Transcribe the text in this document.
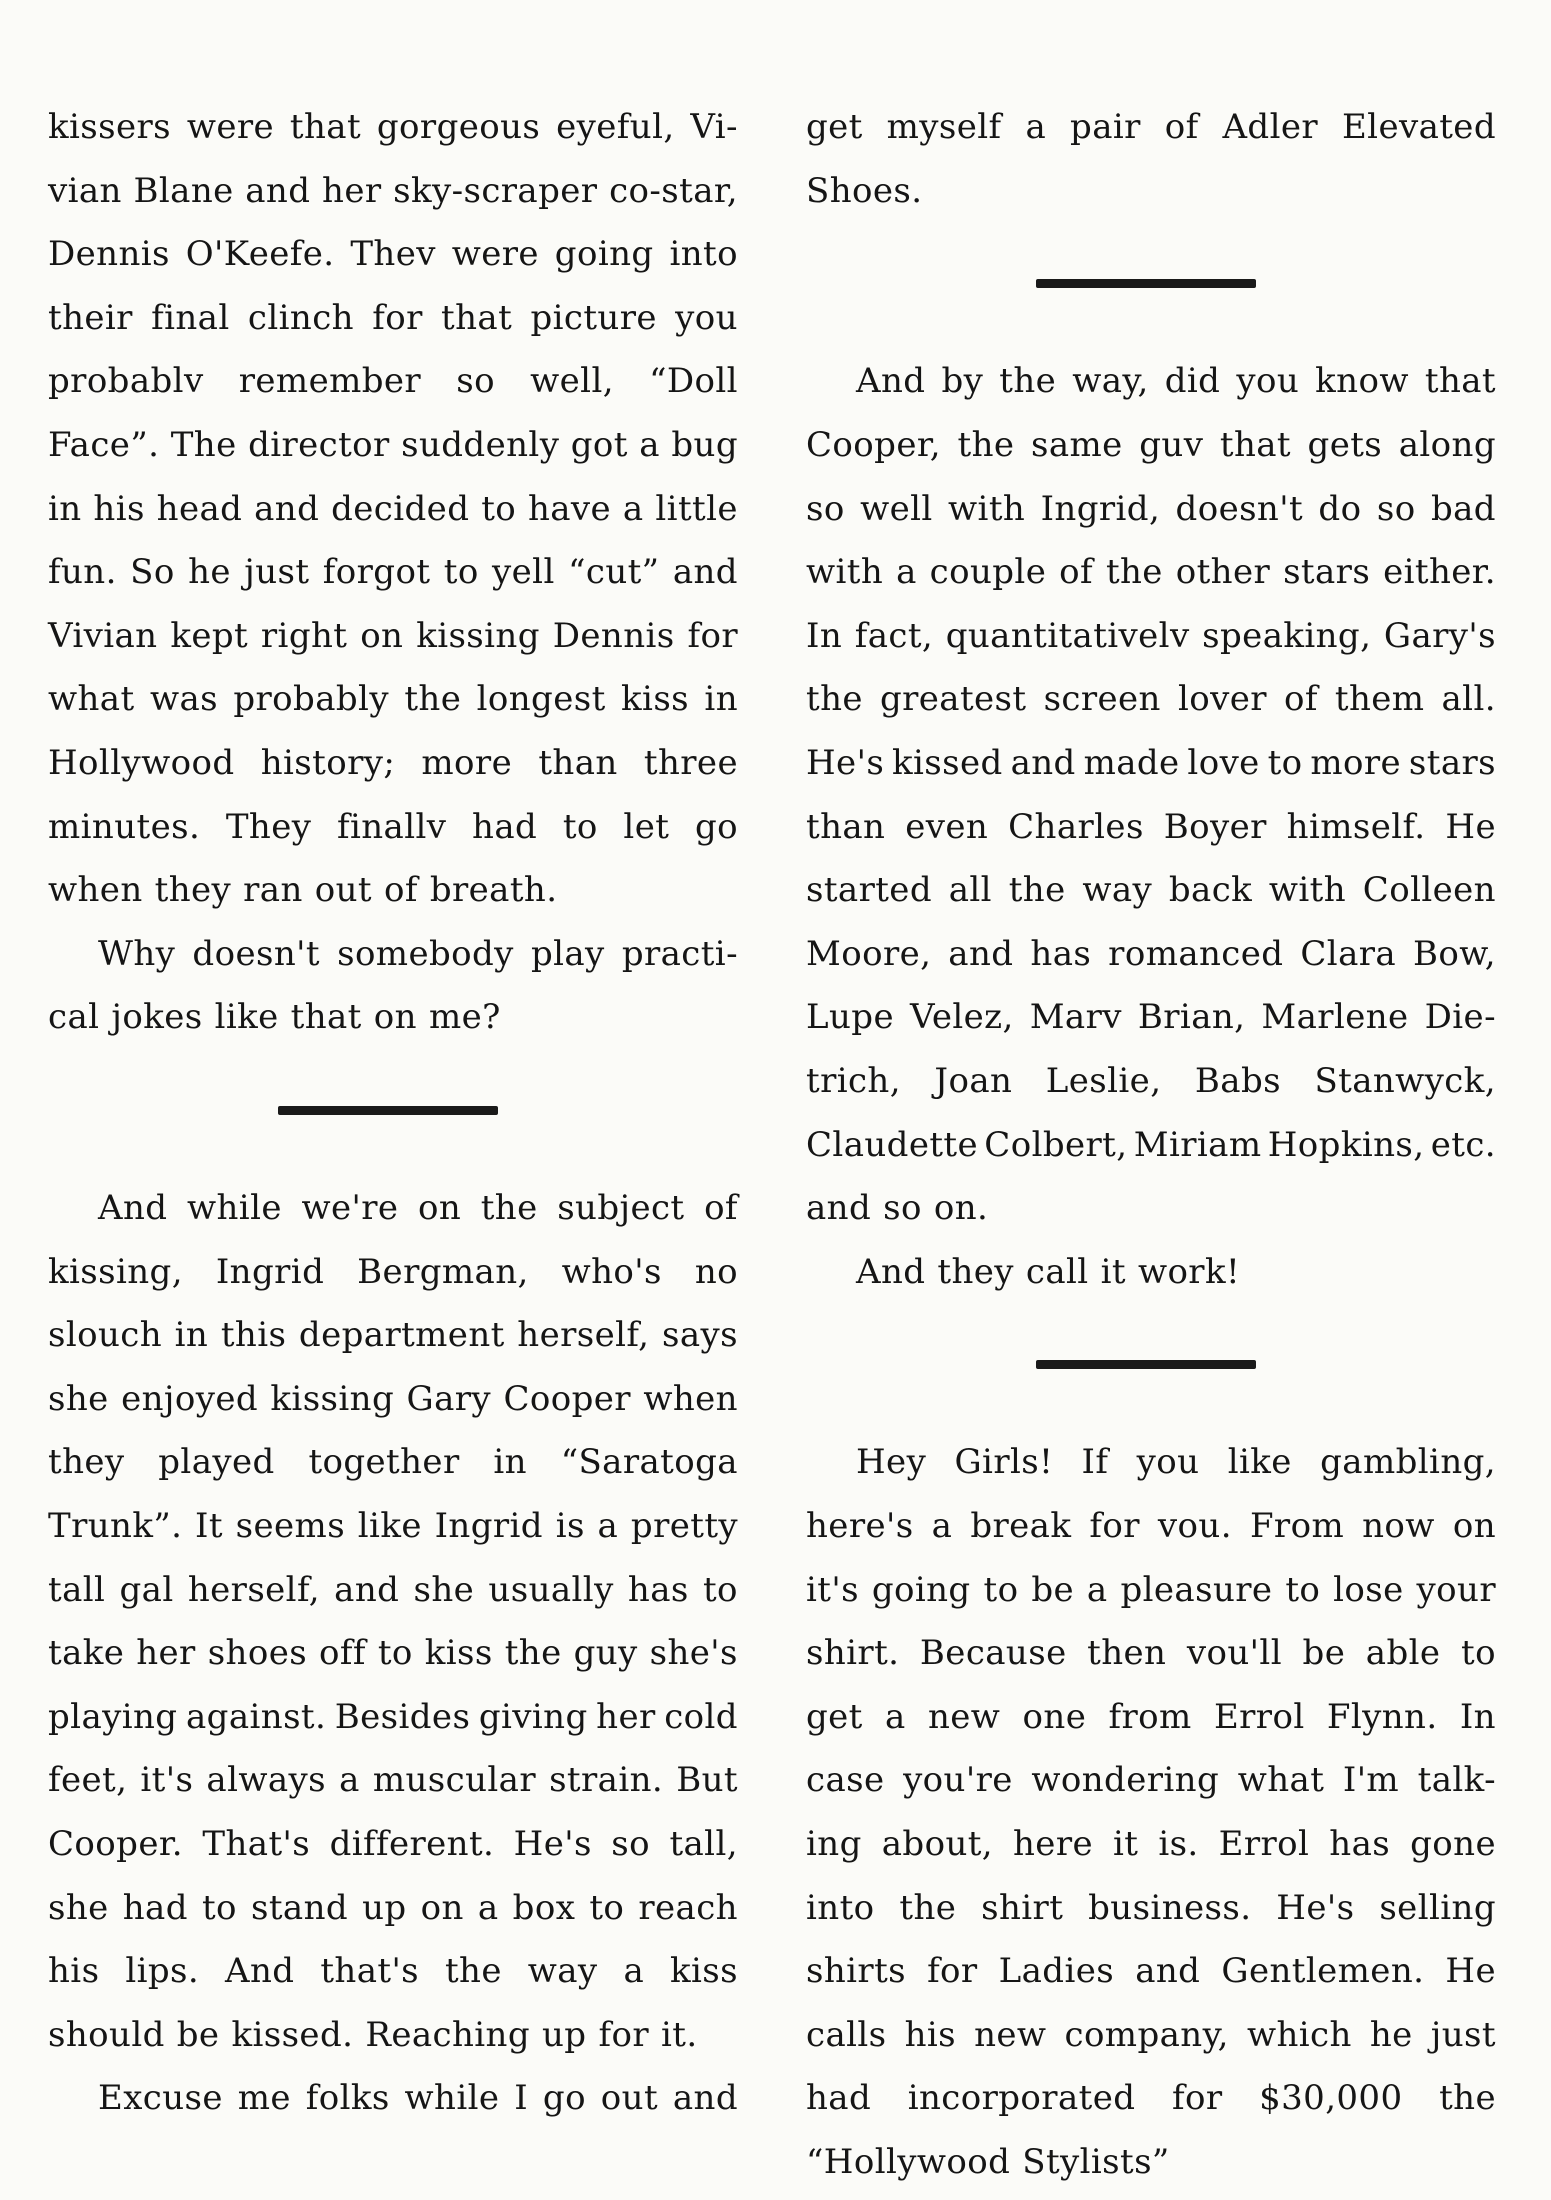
kissers were that gorgeous eyeful, Vi-
vian Blane and her sky-scraper co-star,
Dennis O'Keefe. Thev were going into
their final clinch for that picture you
probablv remember so well, “Doll
Face”. The director suddenly got a bug
in his head and decided to have a little
fun. So he just forgot to yell “cut” and
Vivian kept right on kissing Dennis for
what was probably the longest kiss in
Hollywood history; more than three
minutes. They finallv had to let go
when they ran out of breath.
Why doesn't somebody play practi-
cal jokes like that on me?
And while we're on the subject of
kissing, Ingrid Bergman, who's no
slouch in this department herself, says
she enjoyed kissing Gary Cooper when
they played together in “Saratoga
Trunk”. It seems like Ingrid is a pretty
tall gal herself, and she usually has to
take her shoes off to kiss the guy she's
playing against. Besides giving her cold
feet, it's always a muscular strain. But
Cooper. That's different. He's so tall,
she had to stand up on a box to reach
his lips. And that's the way a kiss
should be kissed. Reaching up for it.
Excuse me folks while I go out and
get myself a pair of Adler Elevated
Shoes.
And by the way, did you know that
Cooper, the same guv that gets along
so well with Ingrid, doesn't do so bad
with a couple of the other stars either.
In fact, quantitativelv speaking, Gary's
the greatest screen lover of them all.
He's kissed and made love to more stars
than even Charles Boyer himself. He
started all the way back with Colleen
Moore, and has romanced Clara Bow,
Lupe Velez, Marv Brian, Marlene Die-
trich, Joan Leslie, Babs Stanwyck,
Claudette Colbert, Miriam Hopkins, etc.
and so on.
And they call it work!
Hey Girls! If you like gambling,
here's a break for vou. From now on
it's going to be a pleasure to lose your
shirt. Because then vou'll be able to
get a new one from Errol Flynn. In
case you're wondering what I'm talk-
ing about, here it is. Errol has gone
into the shirt business. He's selling
shirts for Ladies and Gentlemen. He
calls his new company, which he just
had incorporated for $30,000 the
“Hollywood Stylists”
